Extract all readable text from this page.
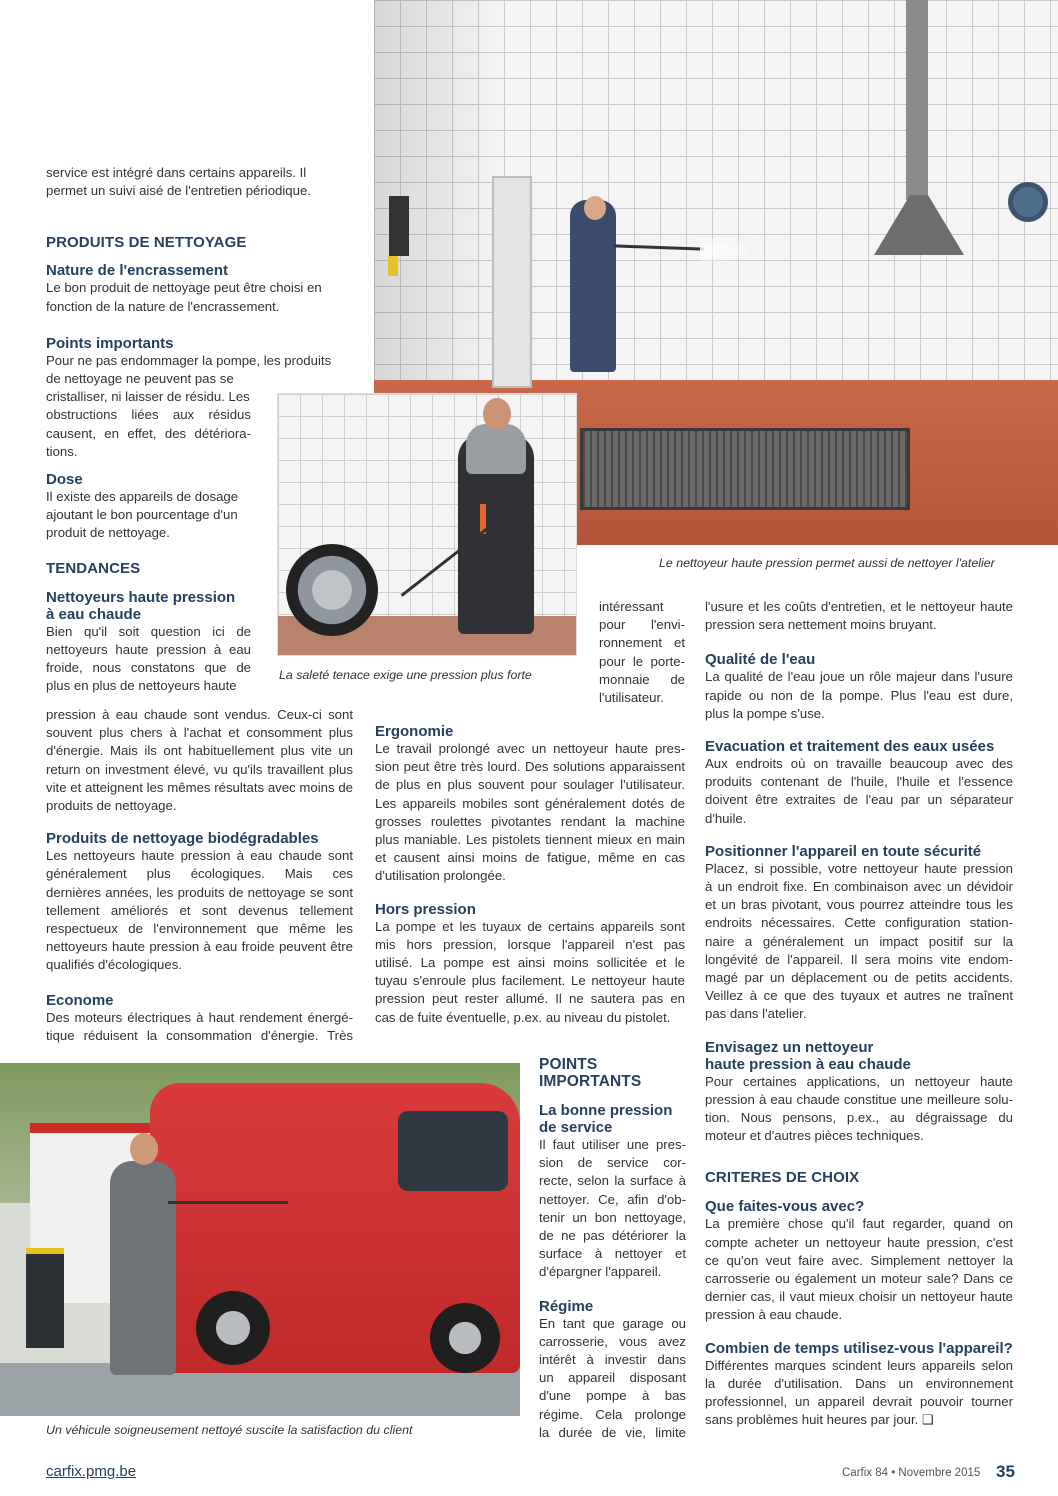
Le nettoyeur haute pression permet aussi de nettoyer l'atelier
La saleté tenace exige une pression plus forte
Un véhicule soigneusement nettoyé suscite la satisfaction du client
service est intégré dans certains appareils. Il
permet un suivi aisé de l'entretien périodique.
PRODUITS DE NETTOYAGE
Nature de l'encrassement
Le bon produit de nettoyage peut être choisi en
fonction de la nature de l'encrassement.
Points importants
Pour ne pas endommager la pompe, les produits
de nettoyage ne peuvent pas se
cristalliser, ni laisser de résidu. Les
obstructions liées aux résidus
causent, en effet, des détériora-
tions.
Dose
Il existe des appareils de dosage
ajoutant le bon pourcentage d'un
produit de nettoyage.
TENDANCES
Nettoyeurs haute pression
à eau chaude
Bien qu'il soit question ici de
nettoyeurs haute pression à eau
froide, nous constatons que de
plus en plus de nettoyeurs haute
pression à eau chaude sont vendus. Ceux-ci sont
souvent plus chers à l'achat et consomment plus
d'énergie. Mais ils ont habituellement plus vite un
return on investment élevé, vu qu'ils travaillent plus
vite et atteignent les mêmes résultats avec moins de
produits de nettoyage.
Produits de nettoyage biodégradables
Les nettoyeurs haute pression à eau chaude sont
généralement plus écologiques. Mais ces
dernières années, les produits de nettoyage se sont
tellement améliorés et sont devenus tellement
respectueux de l'environnement que même les
nettoyeurs haute pression à eau froide peuvent être
qualifiés d'écologiques.
Econome
Des moteurs électriques à haut rendement énergé-
tique réduisent la consommation d'énergie. Très
intéressant
pour l'envi-
ronnement et
pour le porte-
monnaie de
l'utilisateur.
Ergonomie
Le travail prolongé avec un nettoyeur haute pres-
sion peut être très lourd. Des solutions apparaissent
de plus en plus souvent pour soulager l'utilisateur.
Les appareils mobiles sont généralement dotés de
grosses roulettes pivotantes rendant la machine
plus maniable. Les pistolets tiennent mieux en main
et causent ainsi moins de fatigue, même en cas
d'utilisation prolongée.
Hors pression
La pompe et les tuyaux de certains appareils sont
mis hors pression, lorsque l'appareil n'est pas
utilisé. La pompe est ainsi moins sollicitée et le
tuyau s'enroule plus facilement. Le nettoyeur haute
pression peut rester allumé. Il ne sautera pas en
cas de fuite éventuelle, p.ex. au niveau du pistolet.
POINTS
IMPORTANTS
La bonne pression
de service
Il faut utiliser une pres-
sion de service cor-
recte, selon la surface à
nettoyer. Ce, afin d'ob-
tenir un bon nettoyage,
de ne pas détériorer la
surface à nettoyer et
d'épargner l'appareil.
Régime
En tant que garage ou
carrosserie, vous avez
intérêt à investir dans
un appareil disposant
d'une pompe à bas
régime. Cela prolonge
la durée de vie, limite
l'usure et les coûts d'entretien, et le nettoyeur haute
pression sera nettement moins bruyant.
Qualité de l'eau
La qualité de l'eau joue un rôle majeur dans l'usure
rapide ou non de la pompe. Plus l'eau est dure,
plus la pompe s'use.
Evacuation et traitement des eaux usées
Aux endroits où on travaille beaucoup avec des
produits contenant de l'huile, l'huile et l'essence
doivent être extraites de l'eau par un séparateur
d'huile.
Positionner l'appareil en toute sécurité
Placez, si possible, votre nettoyeur haute pression
à un endroit fixe. En combinaison avec un dévidoir
et un bras pivotant, vous pourrez atteindre tous les
endroits nécessaires. Cette configuration station-
naire a généralement un impact positif sur la
longévité de l'appareil. Il sera moins vite endom-
magé par un déplacement ou de petits accidents.
Veillez à ce que des tuyaux et autres ne traînent
pas dans l'atelier.
Envisagez un nettoyeur
haute pression à eau chaude
Pour certaines applications, un nettoyeur haute
pression à eau chaude constitue une meilleure solu-
tion. Nous pensons, p.ex., au dégraissage du
moteur et d'autres pièces techniques.
CRITERES DE CHOIX
Que faites-vous avec?
La première chose qu'il faut regarder, quand on
compte acheter un nettoyeur haute pression, c'est
ce qu'on veut faire avec. Simplement nettoyer la
carrosserie ou également un moteur sale? Dans ce
dernier cas, il vaut mieux choisir un nettoyeur haute
pression à eau chaude.
Combien de temps utilisez-vous l'appareil?
Différentes marques scindent leurs appareils selon
la durée d'utilisation. Dans un environnement
professionnel, un appareil devrait pouvoir tourner
sans problèmes huit heures par jour. ❑
carfix.pmg.be	Carfix 84 • Novembre 2015 35
